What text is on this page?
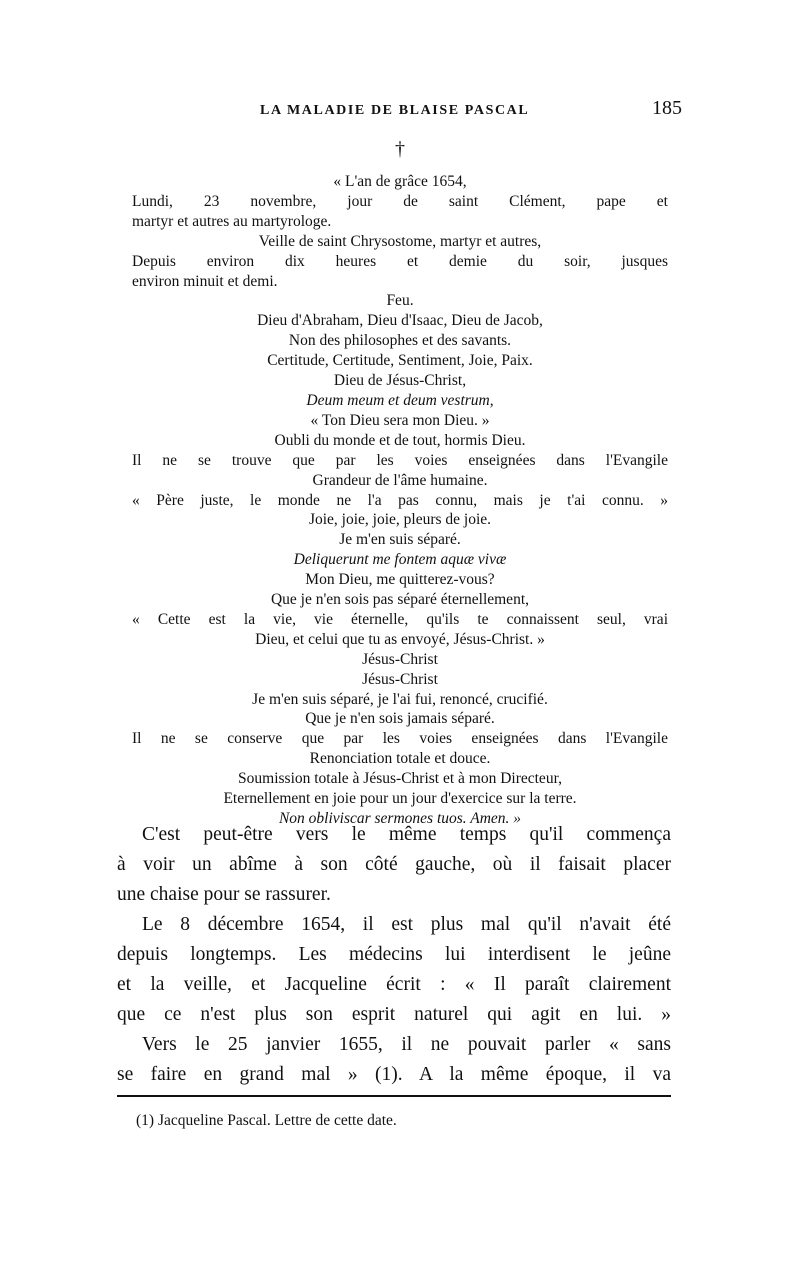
LA MALADIE DE BLAISE PASCAL	185
†
« L'an de grâce 1654,
Lundi, 23 novembre, jour de saint Clément, pape et
martyr et autres au martyrologe.
Veille de saint Chrysostome, martyr et autres,
Depuis environ dix heures et demie du soir, jusques
environ minuit et demi.
Feu.
Dieu d'Abraham, Dieu d'Isaac, Dieu de Jacob,
Non des philosophes et des savants.
Certitude, Certitude, Sentiment, Joie, Paix.
Dieu de Jésus-Christ,
Deum meum et deum vestrum,
« Ton Dieu sera mon Dieu. »
Oubli du monde et de tout, hormis Dieu.
Il ne se trouve que par les voies enseignées dans l'Evangile
Grandeur de l'âme humaine.
« Père juste, le monde ne l'a pas connu, mais je t'ai connu. »
Joie, joie, joie, pleurs de joie.
Je m'en suis séparé.
Deliquerunt me fontem aquæ vivæ
Mon Dieu, me quitterez-vous?
Que je n'en sois pas séparé éternellement,
« Cette est la vie, vie éternelle, qu'ils te connaissent seul, vrai
Dieu, et celui que tu as envoyé, Jésus-Christ. »
Jésus-Christ
Jésus-Christ
Je m'en suis séparé, je l'ai fui, renoncé, crucifié.
Que je n'en sois jamais séparé.
Il ne se conserve que par les voies enseignées dans l'Evangile
Renonciation totale et douce.
Soumission totale à Jésus-Christ et à mon Directeur,
Eternellement en joie pour un jour d'exercice sur la terre.
Non obliviscar sermones tuos. Amen. »

C'est peut-être vers le même temps qu'il commença
à voir un abîme à son côté gauche, où il faisait placer
une chaise pour se rassurer.

Le 8 décembre 1654, il est plus mal qu'il n'avait été
depuis longtemps. Les médecins lui interdisent le jeûne
et la veille, et Jacqueline écrit : « Il paraît clairement
que ce n'est plus son esprit naturel qui agit en lui. »

Vers le 25 janvier 1655, il ne pouvait parler « sans
se faire en grand mal » (1). A la même époque, il va

(1) Jacqueline Pascal. Lettre de cette date.
